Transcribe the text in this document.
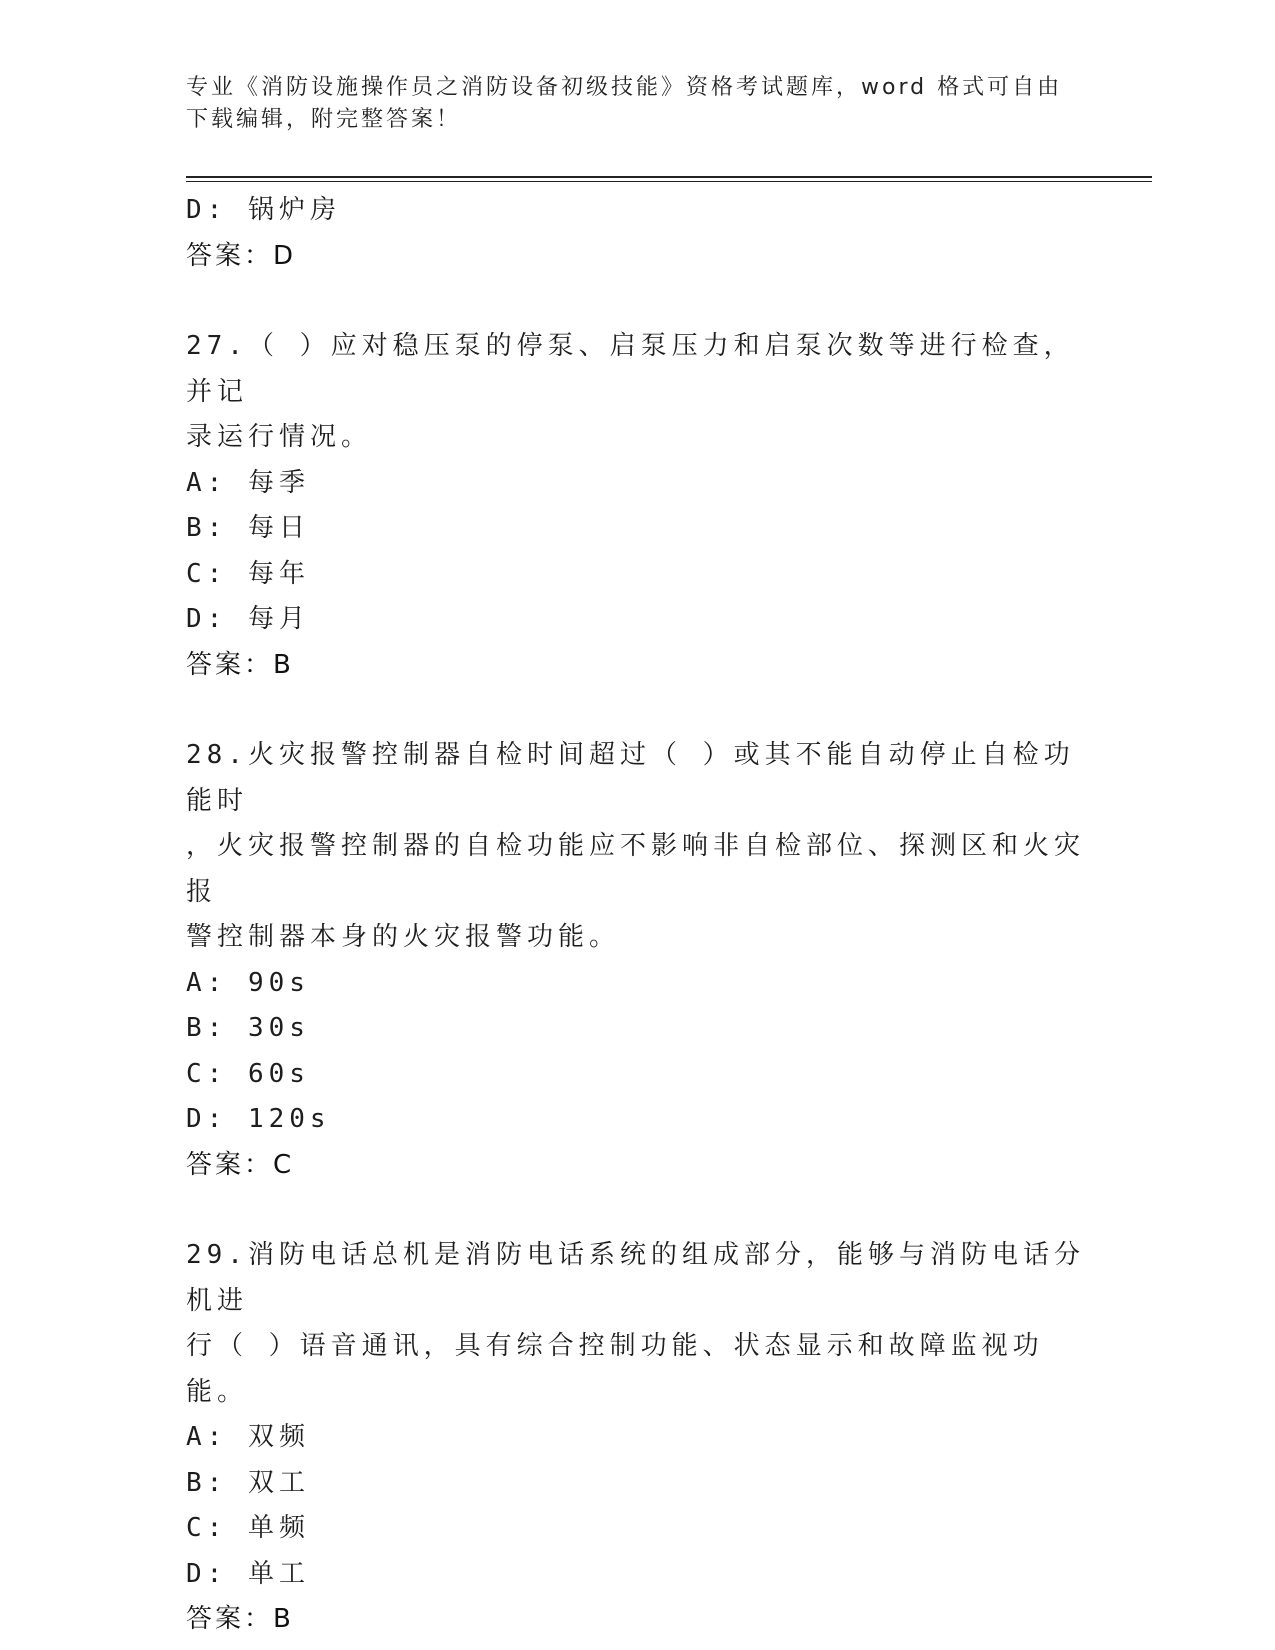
专业《消防设施操作员之消防设备初级技能》资格考试题库，word 格式可自由下载编辑，附完整答案！
D: 锅炉房
答案：D
27.（ ）应对稳压泵的停泵、启泵压力和启泵次数等进行检查，并记
录运行情况。
A: 每季
B: 每日
C: 每年
D: 每月
答案：B
28.火灾报警控制器自检时间超过（ ）或其不能自动停止自检功能时
，火灾报警控制器的自检功能应不影响非自检部位、探测区和火灾报
警控制器本身的火灾报警功能。
A: 90s
B: 30s
C: 60s
D: 120s
答案：C
29.消防电话总机是消防电话系统的组成部分，能够与消防电话分机进
行（ ）语音通讯，具有综合控制功能、状态显示和故障监视功能。
A: 双频
B: 双工
C: 单频
D: 单工
答案：B
